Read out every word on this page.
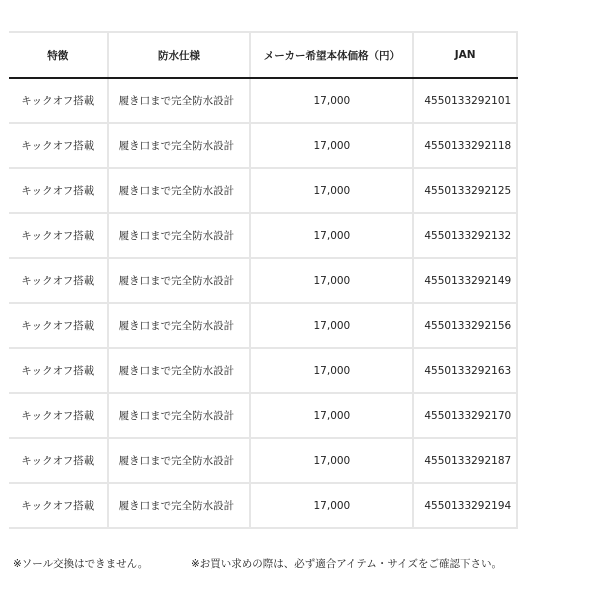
特徴	防水仕様	メーカー希望本体価格（円）	JAN
キックオフ搭載	履き口まで完全防水設計	17,000	4550133292101
キックオフ搭載	履き口まで完全防水設計	17,000	4550133292118
キックオフ搭載	履き口まで完全防水設計	17,000	4550133292125
キックオフ搭載	履き口まで完全防水設計	17,000	4550133292132
キックオフ搭載	履き口まで完全防水設計	17,000	4550133292149
キックオフ搭載	履き口まで完全防水設計	17,000	4550133292156
キックオフ搭載	履き口まで完全防水設計	17,000	4550133292163
キックオフ搭載	履き口まで完全防水設計	17,000	4550133292170
キックオフ搭載	履き口まで完全防水設計	17,000	4550133292187
キックオフ搭載	履き口まで完全防水設計	17,000	4550133292194
※ソール交換はできません。	※お買い求めの際は、必ず適合アイテム・サイズをご確認下さい。
